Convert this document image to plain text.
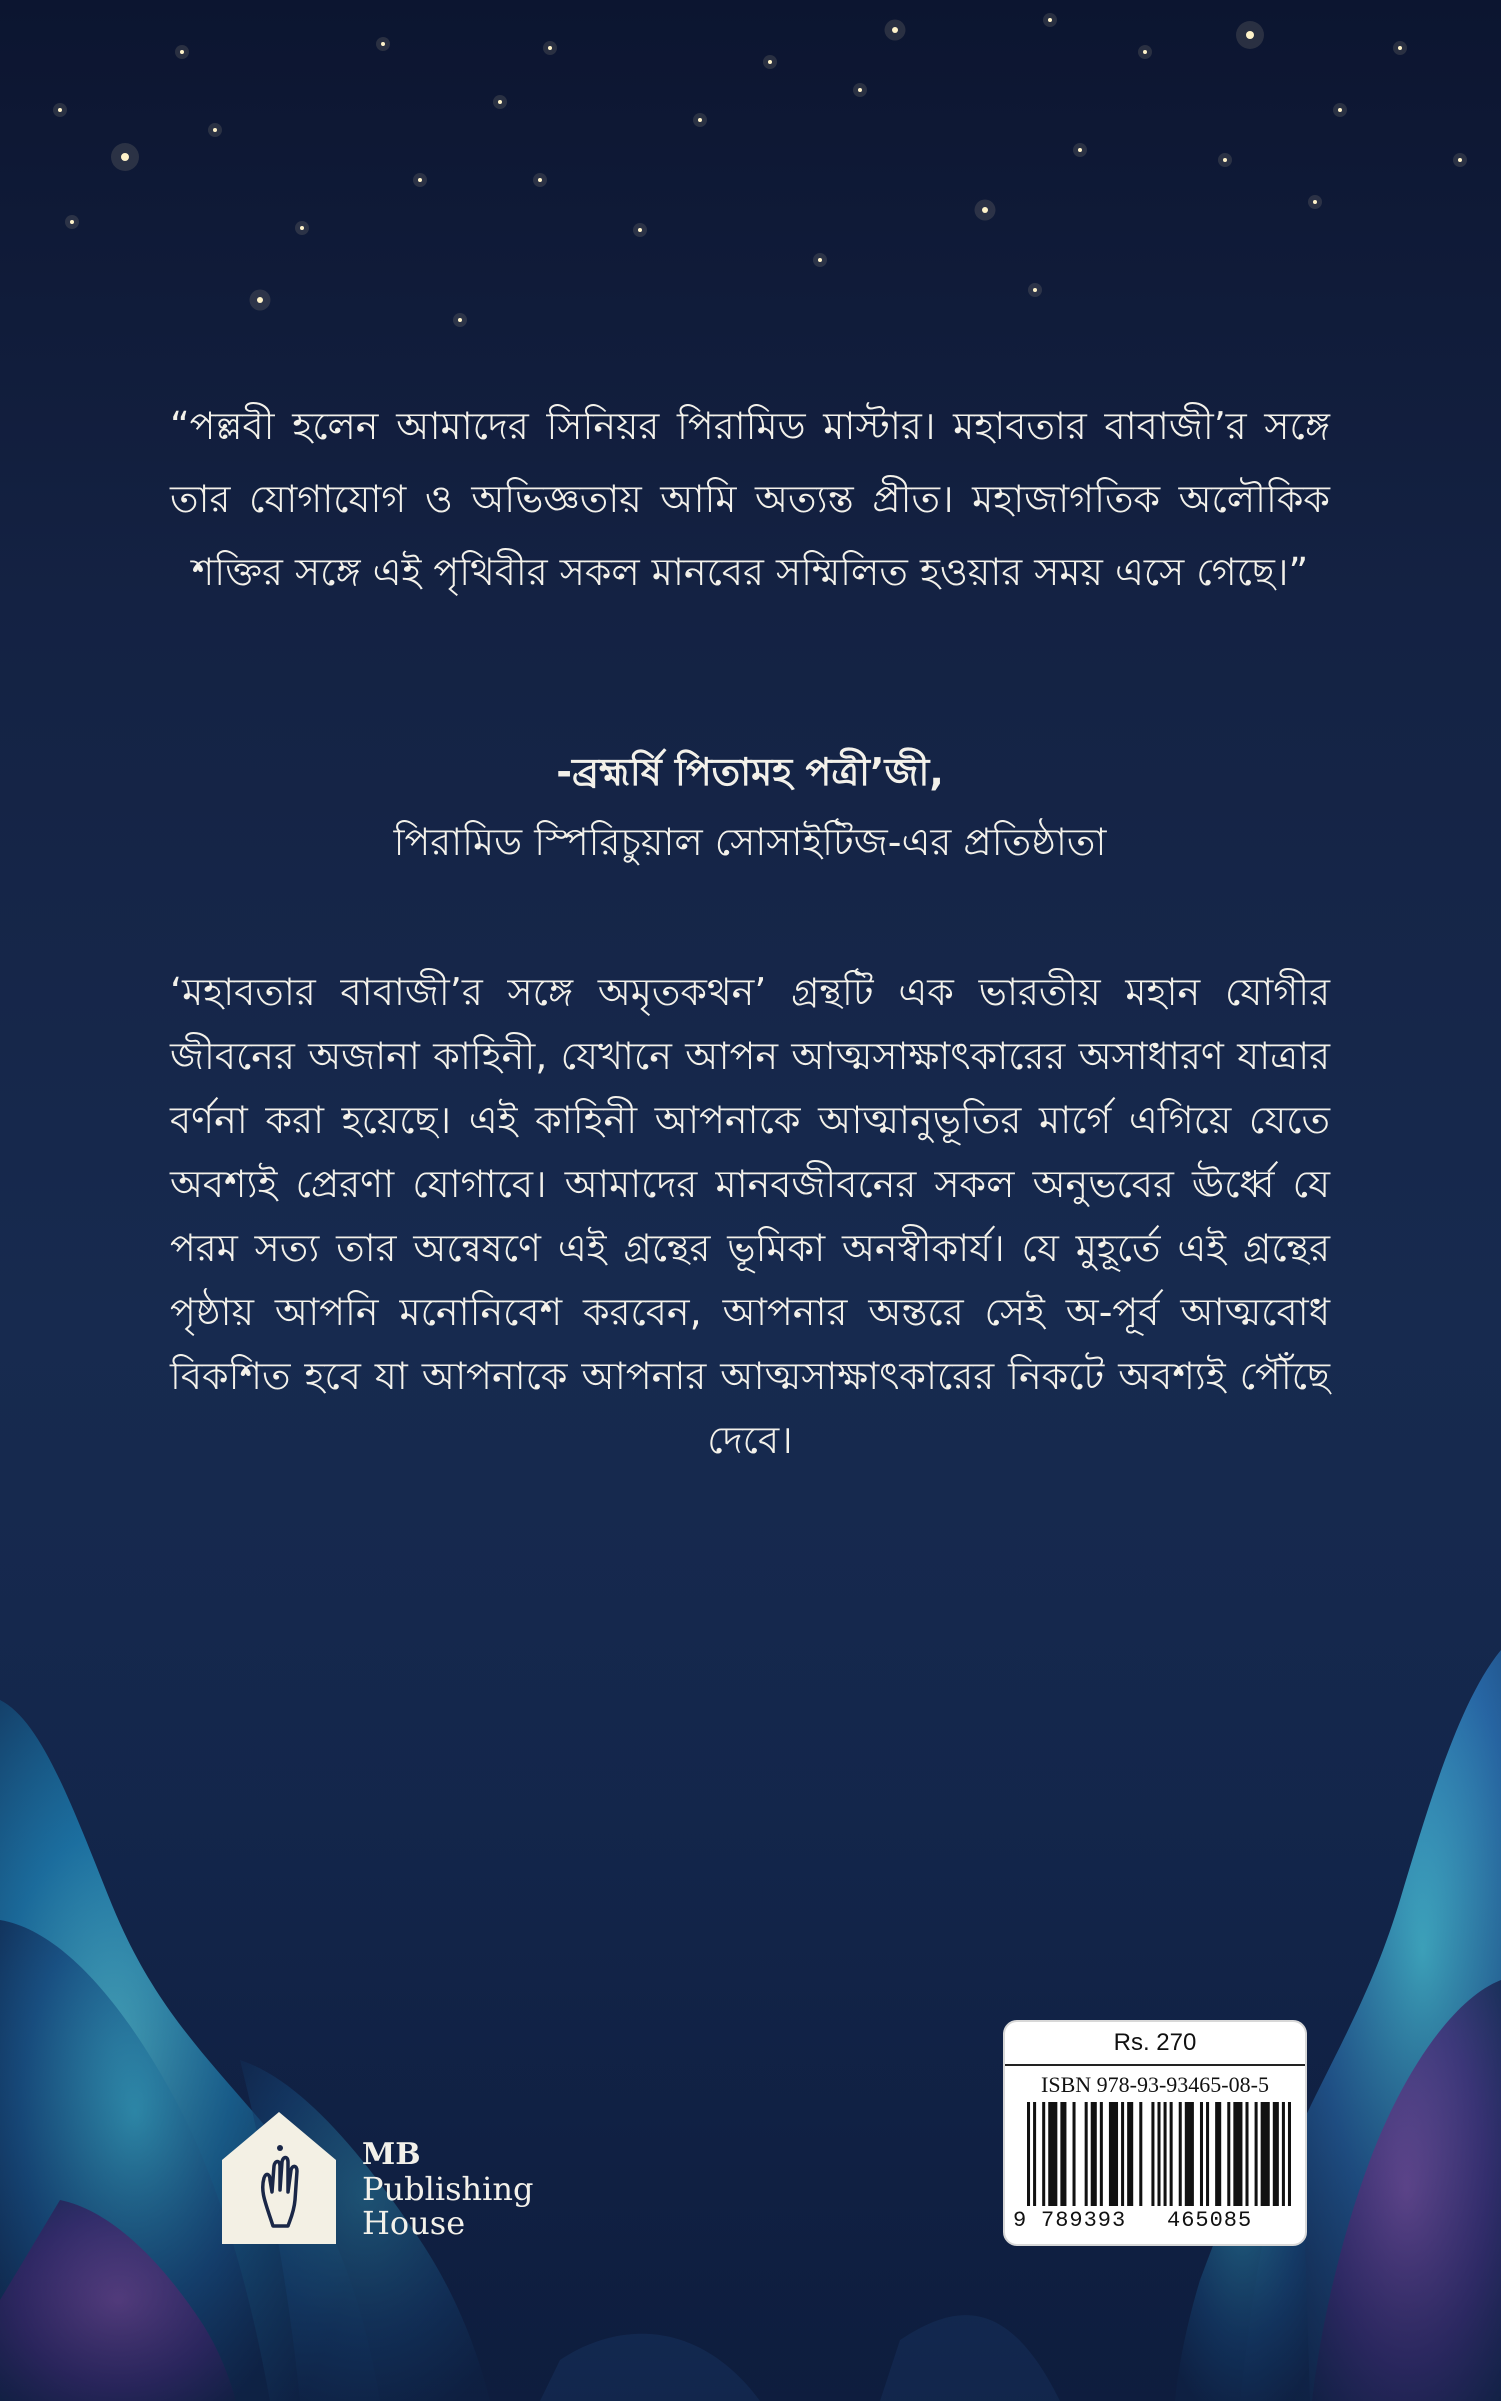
“পল্লবী হলেন আমাদের সিনিয়র পিরামিড মাস্টার। মহাবতার বাবাজী’র সঙ্গে তার যোগাযোগ ও অভিজ্ঞতায় আমি অত্যন্ত প্রীত। মহাজাগতিক অলৌকিক শক্তির সঙ্গে এই পৃথিবীর সকল মানবের সম্মিলিত হওয়ার সময় এসে গেছে।”

-ব্রহ্মর্ষি পিতামহ পত্রী’জী,
পিরামিড স্পিরিচুয়াল সোসাইটিজ-এর প্রতিষ্ঠাতা

‘মহাবতার বাবাজী’র সঙ্গে অমৃতকথন’ গ্রন্থটি এক ভারতীয় মহান যোগীর জীবনের অজানা কাহিনী, যেখানে আপন আত্মসাক্ষাৎকারের অসাধারণ যাত্রার বর্ণনা করা হয়েছে। এই কাহিনী আপনাকে আত্মানুভূতির মার্গে এগিয়ে যেতে অবশ্যই প্রেরণা যোগাবে। আমাদের মানবজীবনের সকল অনুভবের ঊর্ধ্বে যে পরম সত্য তার অন্বেষণে এই গ্রন্থের ভূমিকা অনস্বীকার্য। যে মুহূর্তে এই গ্রন্থের পৃষ্ঠায় আপনি মনোনিবেশ করবেন, আপনার অন্তরে সেই অ-পূর্ব আত্মবোধ বিকশিত হবে যা আপনাকে আপনার আত্মসাক্ষাৎকারের নিকটে অবশ্যই পৌঁছে দেবে।

MB
Publishing
House
Rs. 270
ISBN 978-93-93465-08-5
9 789393 465085
